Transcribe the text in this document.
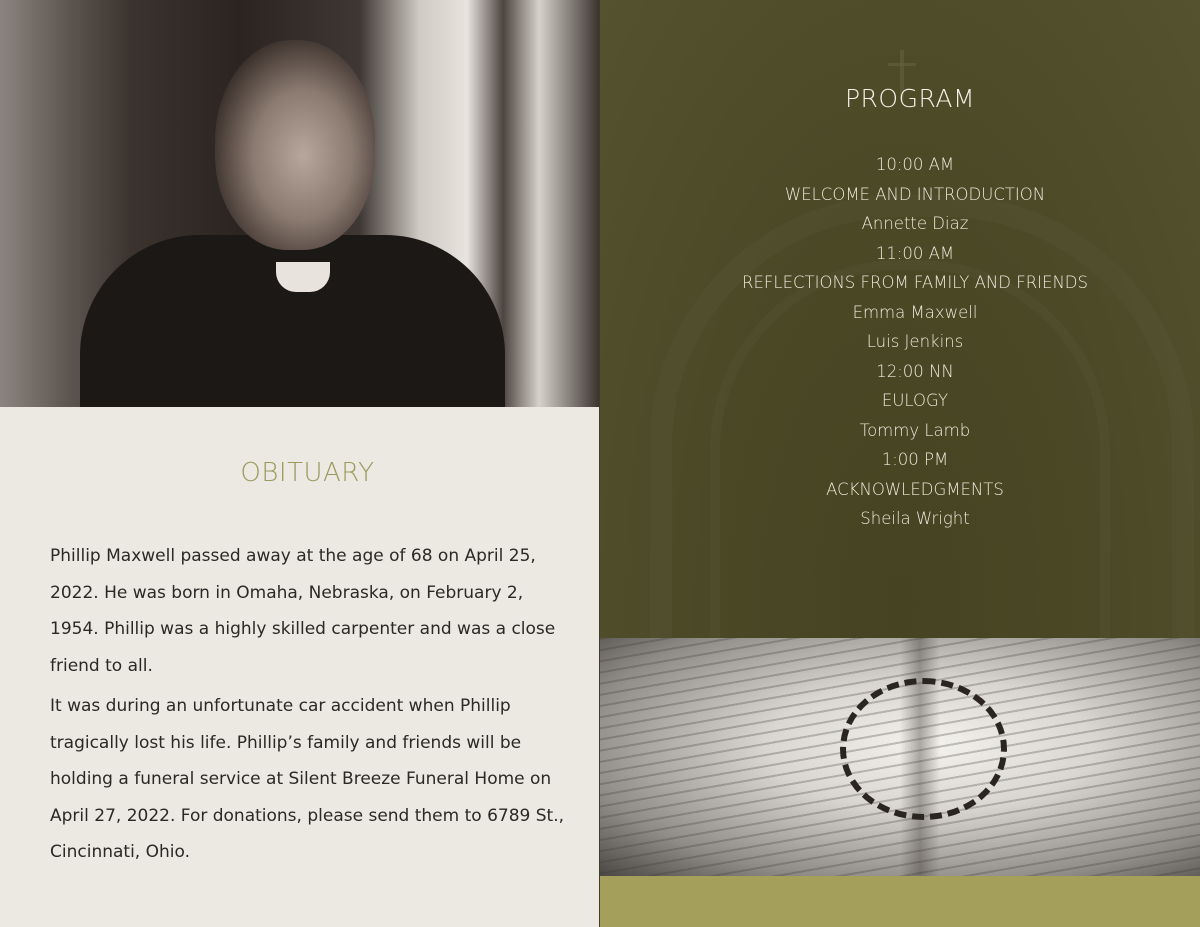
OBITUARY

Phillip Maxwell passed away at the age of 68 on April 25, 2022. He was born in Omaha, Nebraska, on February 2, 1954. Phillip was a highly skilled carpenter and was a close friend to all.

It was during an unfortunate car accident when Phillip tragically lost his life. Phillip’s family and friends will be holding a funeral service at Silent Breeze Funeral Home on April 27, 2022. For donations, please send them to 6789 St., Cincinnati, Ohio.

PROGRAM
10:00 AM
WELCOME AND INTRODUCTION
Annette Diaz
11:00 AM
REFLECTIONS FROM FAMILY AND FRIENDS
Emma Maxwell
Luis Jenkins
12:00 NN
EULOGY
Tommy Lamb
1:00 PM
ACKNOWLEDGMENTS
Sheila Wright
